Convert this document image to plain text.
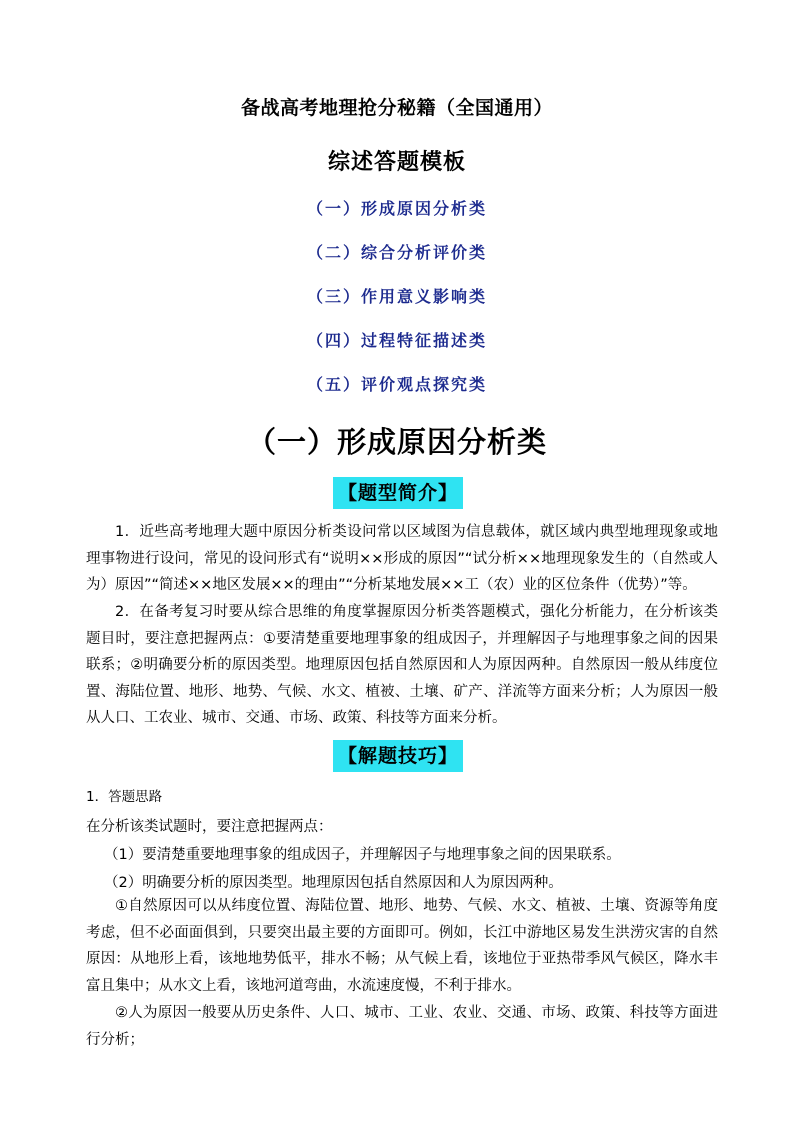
备战高考地理抢分秘籍（全国通用）
综述答题模板
（一）形成原因分析类
（二）综合分析评价类
（三）作用意义影响类
（四）过程特征描述类
（五）评价观点探究类
（一）形成原因分析类
【题型简介】
1．近些高考地理大题中原因分析类设问常以区域图为信息载体，就区域内典型地理现象或地理事物进行设问，常见的设问形式有“说明××形成的原因”“试分析××地理现象发生的（自然或人为）原因”“简述××地区发展××的理由”“分析某地发展××工（农）业的区位条件（优势）”等。
2．在备考复习时要从综合思维的角度掌握原因分析类答题模式，强化分析能力，在分析该类题目时，要注意把握两点：①要清楚重要地理事象的组成因子，并理解因子与地理事象之间的因果联系；②明确要分析的原因类型。地理原因包括自然原因和人为原因两种。自然原因一般从纬度位置、海陆位置、地形、地势、气候、水文、植被、土壤、矿产、洋流等方面来分析；人为原因一般从人口、工农业、城市、交通、市场、政策、科技等方面来分析。
【解题技巧】
1．答题思路
在分析该类试题时，要注意把握两点：
（1）要清楚重要地理事象的组成因子，并理解因子与地理事象之间的因果联系。
（2）明确要分析的原因类型。地理原因包括自然原因和人为原因两种。
①自然原因可以从纬度位置、海陆位置、地形、地势、气候、水文、植被、土壤、资源等角度考虑，但不必面面俱到，只要突出最主要的方面即可。例如，长江中游地区易发生洪涝灾害的自然原因：从地形上看，该地地势低平，排水不畅；从气候上看，该地位于亚热带季风气候区，降水丰富且集中；从水文上看，该地河道弯曲，水流速度慢，不利于排水。
②人为原因一般要从历史条件、人口、城市、工业、农业、交通、市场、政策、科技等方面进行分析；
